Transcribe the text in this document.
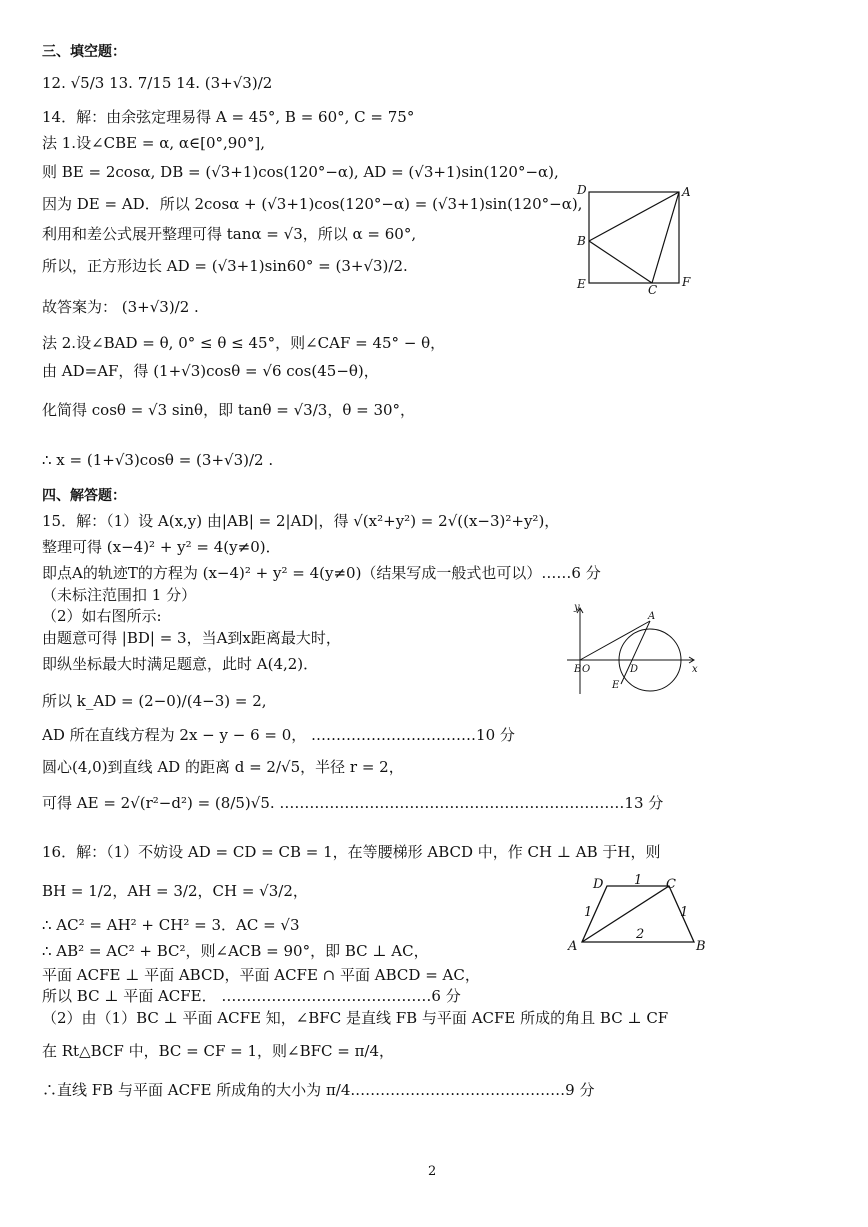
三、填空题：
12. √5/3 13. 7/15 14. (3+√3)/2
14．解：由余弦定理易得 A = 45°, B = 60°, C = 75°
法 1.设∠CBE = α, α∈[0°,90°],
则 BE = 2cosα, DB = (√3+1)cos(120°−α), AD = (√3+1)sin(120°−α),
因为 DE = AD．所以 2cosα + (√3+1)cos(120°−α) = (√3+1)sin(120°−α),
利用和差公式展开整理可得 tanα = √3，所以 α = 60°,
所以，正方形边长 AD = (√3+1)sin60° = (3+√3)/2.
故答案为： (3+√3)/2 .
法 2.设∠BAD = θ, 0° ≤ θ ≤ 45°，则∠CAF = 45° − θ，
由 AD=AF，得 (1+√3)cosθ = √6 cos(45−θ)，
化简得 cosθ = √3 sinθ，即 tanθ = √3/3，θ = 30°，
∴ x = (1+√3)cosθ = (3+√3)/2 .
四、解答题：
15．解：（1）设 A(x,y) 由|AB| = 2|AD|，得 √(x²+y²) = 2√((x−3)²+y²)，
整理可得 (x−4)² + y² = 4(y≠0)．
即点A的轨迹T的方程为 (x−4)² + y² = 4(y≠0)（结果写成一般式也可以）……6 分
（未标注范围扣 1 分）
（2）如右图所示:
由题意可得 |BD| = 3，当A到x距离最大时，
即纵坐标最大时满足题意，此时 A(4,2)．
所以 k_AD = (2−0)/(4−3) = 2,
AD 所在直线方程为 2x − y − 6 = 0， ……………………………10 分
圆心(4,0)到直线 AD 的距离 d = 2/√5，半径 r = 2，
可得 AE = 2√(r²−d²) = (8/5)√5. ……………………………………………………………13 分
16．解：（1）不妨设 AD = CD = CB = 1，在等腰梯形 ABCD 中，作 CH ⊥ AB 于H，则
BH = 1/2，AH = 3/2，CH = √3/2，
∴ AC² = AH² + CH² = 3．AC = √3
∴ AB² = AC² + BC²，则∠ACB = 90°，即 BC ⊥ AC，
平面 ACFE ⊥ 平面 ABCD，平面 ACFE ∩ 平面 ABCD = AC，
所以 BC ⊥ 平面 ACFE． ……………………………………6 分
（2）由（1）BC ⊥ 平面 ACFE 知，∠BFC 是直线 FB 与平面 ACFE 所成的角且 BC ⊥ CF
在 Rt△BCF 中，BC = CF = 1，则∠BFC = π/4，
∴直线 FB 与平面 ACFE 所成角的大小为 π/4.……………………………………9 分
D	A
B
E	C
F
y
A
B O	D	x
E
D 1 C
1	1
2
A	B
2
